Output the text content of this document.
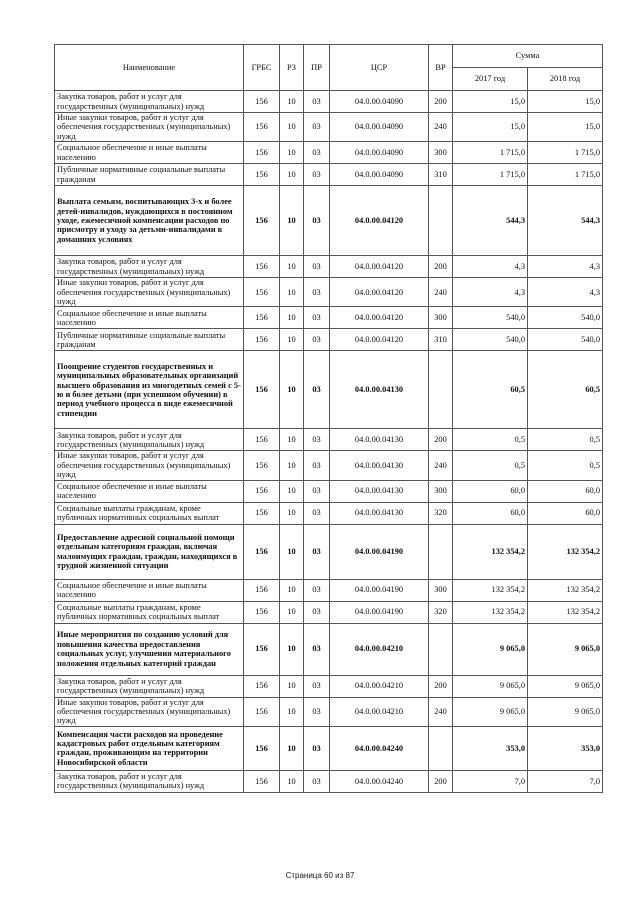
Наименование	ГРБС	РЗ	ПР	ЦСР	ВР	Сумма	
						2017 год	2018 год
Закупка товаров, работ и услуг для государственных (муниципальных) нужд	156	10	03	04.0.00.04090	200	15,0	15,0
Иные закупки товаров, работ и услуг для обеспечения государственных (муниципальных) нужд	156	10	03	04.0.00.04090	240	15,0	15,0
Социальное обеспечение и иные выплаты населению	156	10	03	04.0.00.04090	300	1 715,0	1 715,0
Публичные нормативные социальные выплаты гражданам	156	10	03	04.0.00.04090	310	1 715,0	1 715,0
Выплата семьям, воспитывающих 3-х и более детей-инвалидов, нуждающихся в постоянном уходе, ежемесячной компенсации расходов по присмотру и уходу за детьми-инвалидами в домашних условиях	156	10	03	04.0.00.04120		544,3	544,3
Закупка товаров, работ и услуг для государственных (муниципальных) нужд	156	10	03	04.0.00.04120	200	4,3	4,3
Иные закупки товаров, работ и услуг для обеспечения государственных (муниципальных) нужд	156	10	03	04.0.00.04120	240	4,3	4,3
Социальное обеспечение и иные выплаты населению	156	10	03	04.0.00.04120	300	540,0	540,0
Публичные нормативные социальные выплаты гражданам	156	10	03	04.0.00.04120	310	540,0	540,0
Поощрение студентов государственных и муниципальных образовательных организаций высшего образования из многодетных семей с 5-ю и более детьми (при успешном обучении) в период учебного процесса в виде ежемесячной стипендии	156	10	03	04.0.00.04130		60,5	60,5
Закупка товаров, работ и услуг для государственных (муниципальных) нужд	156	10	03	04.0.00.04130	200	0,5	0,5
Иные закупки товаров, работ и услуг для обеспечения государственных (муниципальных) нужд	156	10	03	04.0.00.04130	240	0,5	0,5
Социальное обеспечение и иные выплаты населению	156	10	03	04.0.00.04130	300	60,0	60,0
Социальные выплаты гражданам, кроме публичных нормативных социальных выплат	156	10	03	04.0.00.04130	320	60,0	60,0
Предоставление адресной социальной помощи отдельным категориям граждан, включая малоимущих граждан, граждан, находящихся в трудной жизненной ситуации	156	10	03	04.0.00.04190		132 354,2	132 354,2
Социальное обеспечение и иные выплаты населению	156	10	03	04.0.00.04190	300	132 354,2	132 354,2
Социальные выплаты гражданам, кроме публичных нормативных социальных выплат	156	10	03	04.0.00.04190	320	132 354,2	132 354,2
Иные мероприятия по созданию условий для повышения качества предоставления социальных услуг, улучшения материального положения отдельных категорий граждан	156	10	03	04.0.00.04210		9 065,0	9 065,0
Закупка товаров, работ и услуг для государственных (муниципальных) нужд	156	10	03	04.0.00.04210	200	9 065,0	9 065,0
Иные закупки товаров, работ и услуг для обеспечения государственных (муниципальных) нужд	156	10	03	04.0.00.04210	240	9 065,0	9 065,0
Компенсация части расходов на проведение кадастровых работ отдельным категориям граждан, проживающим на территории Новосибирской области	156	10	03	04.0.00.04240		353,0	353,0
Закупка товаров, работ и услуг для государственных (муниципальных) нужд	156	10	03	04.0.00.04240	200	7,0	7,0
Страница 60 из 87
